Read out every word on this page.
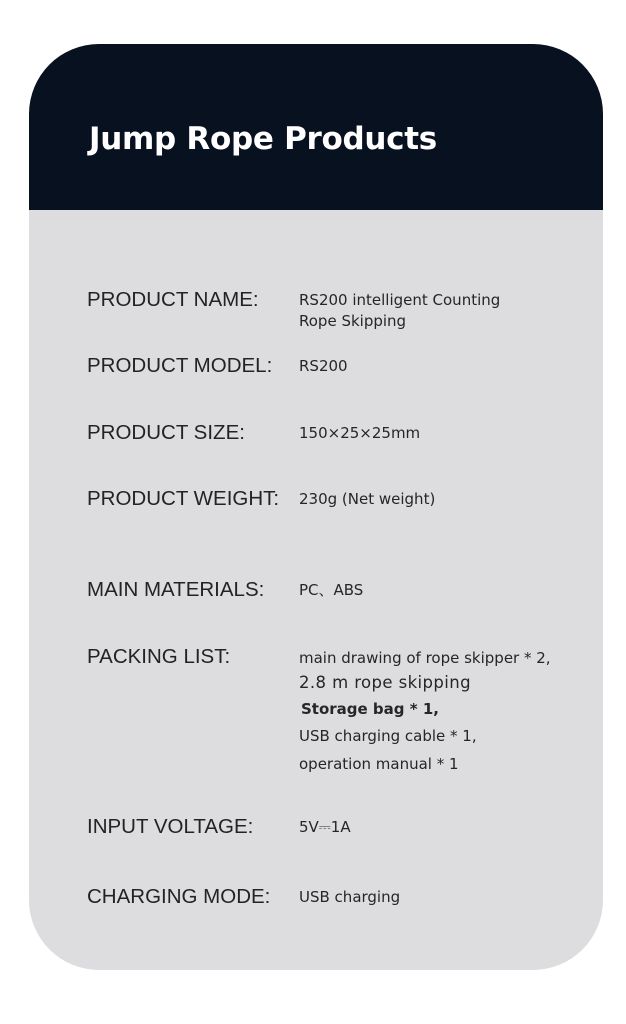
Jump Rope Products
PRODUCT NAME:	RS200 intelligent Counting
Rope Skipping
PRODUCT MODEL: RS200
PRODUCT SIZE:	150×25×25mm
PRODUCT WEIGHT: 230g (Net weight)
MAIN MATERIALS: PC、ABS
PACKING LIST:	main drawing of rope skipper * 2,
2.8 m rope skipping
Storage bag * 1,
USB charging cable * 1,
operation manual * 1
INPUT VOLTAGE:	5V⎓1A
CHARGING MODE: USB charging
